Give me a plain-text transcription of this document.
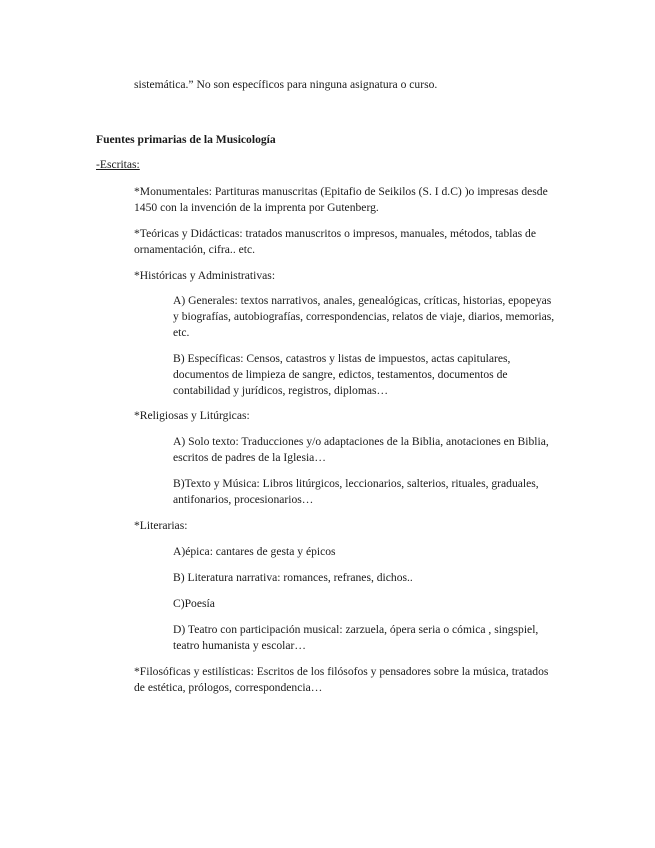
sistemática.” No son específicos para ninguna asignatura o curso.

Fuentes primarias de la Musicología

-Escritas:

*Monumentales: Partituras manuscritas (Epitafio de Seikilos (S. I d.C) )o impresas desde 1450 con la invención de la imprenta por Gutenberg.

*Teóricas y Didácticas: tratados manuscritos o impresos, manuales, métodos, tablas de ornamentación, cifra.. etc.

*Históricas y Administrativas:

A) Generales: textos narrativos, anales, genealógicas, críticas, historias, epopeyas y biografías, autobiografías, correspondencias, relatos de viaje, diarios, memorias, etc.

B) Específicas: Censos, catastros y listas de impuestos, actas capitulares, documentos de limpieza de sangre, edictos, testamentos, documentos de contabilidad y jurídicos, registros, diplomas…

*Religiosas y Litúrgicas:

A) Solo texto: Traducciones y/o adaptaciones de la Biblia, anotaciones en Biblia, escritos de padres de la Iglesia…

B)Texto y Música: Libros litúrgicos, leccionarios, salterios, rituales, graduales, antifonarios, procesionarios…

*Literarias:

A)épica: cantares de gesta y épicos

B) Literatura narrativa: romances, refranes, dichos..

C)Poesía

D) Teatro con participación musical: zarzuela, ópera seria o cómica , singspiel, teatro humanista y escolar…

*Filosóficas y estilísticas: Escritos de los filósofos y pensadores sobre la música, tratados de estética, prólogos, correspondencia…
